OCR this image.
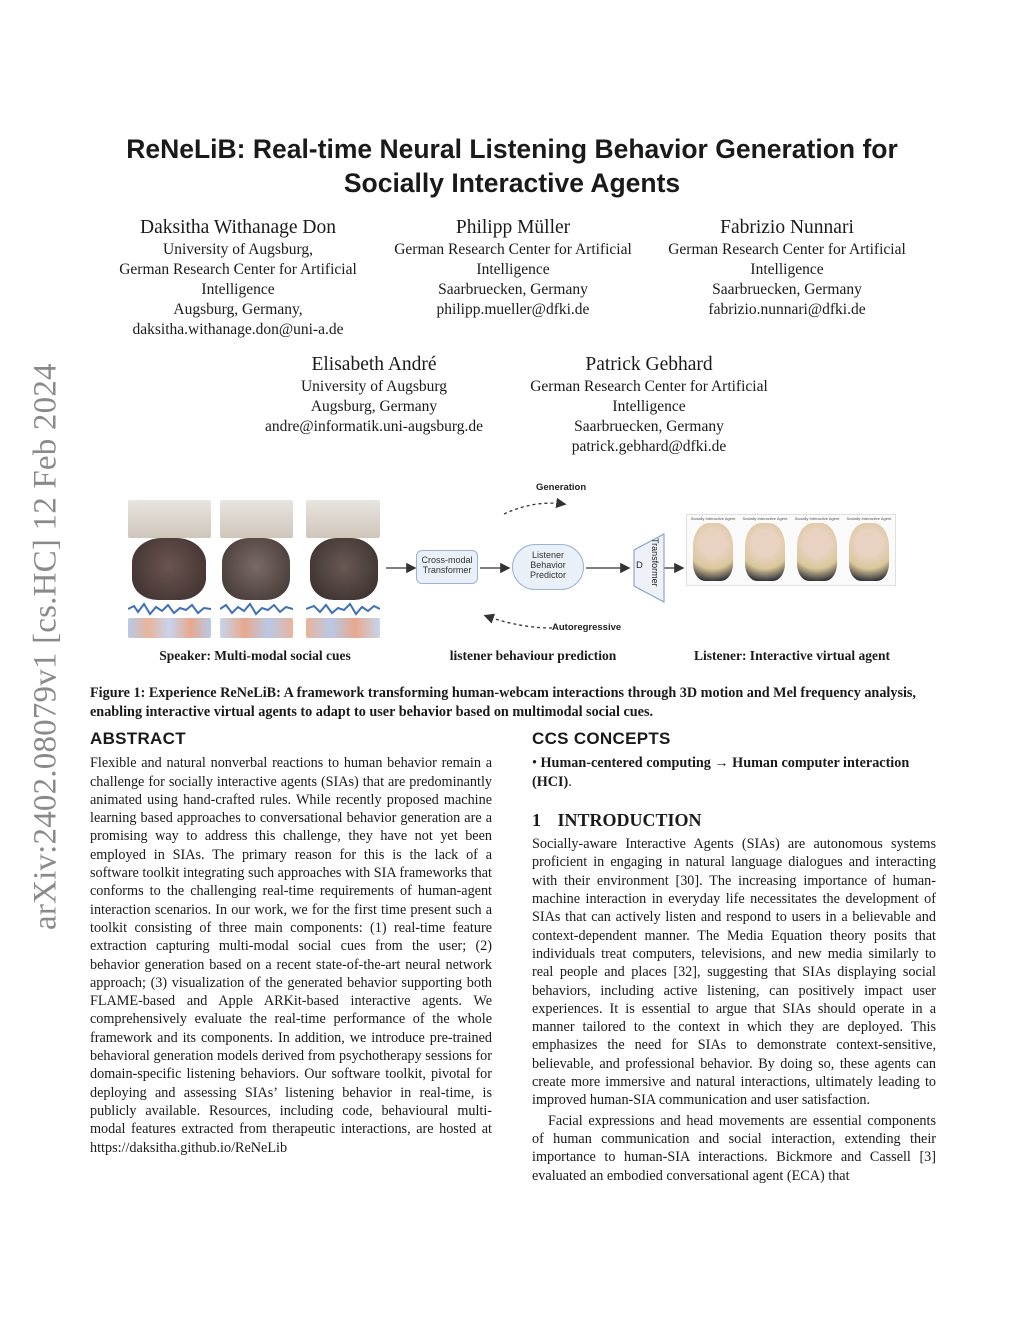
arXiv:2402.08079v1 [cs.HC] 12 Feb 2024
ReNeLiB: Real-time Neural Listening Behavior Generation for Socially Interactive Agents
Daksitha Withanage Don
University of Augsburg,
German Research Center for Artificial
Intelligence
Augsburg, Germany,
daksitha.withanage.don@uni-a.de
Philipp Müller
German Research Center for Artificial
Intelligence
Saarbruecken, Germany
philipp.mueller@dfki.de
Fabrizio Nunnari
German Research Center for Artificial
Intelligence
Saarbruecken, Germany
fabrizio.nunnari@dfki.de
Elisabeth André
University of Augsburg
Augsburg, Germany
andre@informatik.uni-augsburg.de
Patrick Gebhard
German Research Center for Artificial
Intelligence
Saarbruecken, Germany
patrick.gebhard@dfki.de
Generation
Autoregressive
Cross-modal Transformer
Listener Behavior Predictor
D Transformer
Socially Interactive Agent	Socially Interactive Agent	Socially Interactive Agent	Socially Interactive Agent
Speaker: Multi-modal social cues	listener behaviour prediction	Listener: Interactive virtual agent
Figure 1: Experience ReNeLiB: A framework transforming human-webcam interactions through 3D motion and Mel frequency analysis, enabling interactive virtual agents to adapt to user behavior based on multimodal social cues.
ABSTRACT
Flexible and natural nonverbal reactions to human behavior remain a challenge for socially interactive agents (SIAs) that are predominantly animated using hand-crafted rules. While recently proposed machine learning based approaches to conversational behavior generation are a promising way to address this challenge, they have not yet been employed in SIAs. The primary reason for this is the lack of a software toolkit integrating such approaches with SIA frameworks that conforms to the challenging real-time requirements of human-agent interaction scenarios. In our work, we for the first time present such a toolkit consisting of three main components: (1) real-time feature extraction capturing multi-modal social cues from the user; (2) behavior generation based on a recent state-of-the-art neural network approach; (3) visualization of the generated behavior supporting both FLAME-based and Apple ARKit-based interactive agents. We comprehensively evaluate the real-time performance of the whole framework and its components. In addition, we introduce pre-trained behavioral generation models derived from psychotherapy sessions for domain-specific listening behaviors. Our software toolkit, pivotal for deploying and assessing SIAs’ listening behavior in real-time, is publicly available. Resources, including code, behavioural multi-modal features extracted from therapeutic interactions, are hosted at https://daksitha.github.io/ReNeLib
CCS CONCEPTS
• Human-centered computing → Human computer interaction (HCI).
1 INTRODUCTION
Socially-aware Interactive Agents (SIAs) are autonomous systems proficient in engaging in natural language dialogues and interacting with their environment [30]. The increasing importance of human-machine interaction in everyday life necessitates the development of SIAs that can actively listen and respond to users in a believable and context-dependent manner. The Media Equation theory posits that individuals treat computers, televisions, and new media similarly to real people and places [32], suggesting that SIAs displaying social behaviors, including active listening, can positively impact user experiences. It is essential to argue that SIAs should operate in a manner tailored to the context in which they are deployed. This emphasizes the need for SIAs to demonstrate context-sensitive, believable, and professional behavior. By doing so, these agents can create more immersive and natural interactions, ultimately leading to improved human-SIA communication and user satisfaction.
Facial expressions and head movements are essential components of human communication and social interaction, extending their importance to human-SIA interactions. Bickmore and Cassell [3] evaluated an embodied conversational agent (ECA) that
